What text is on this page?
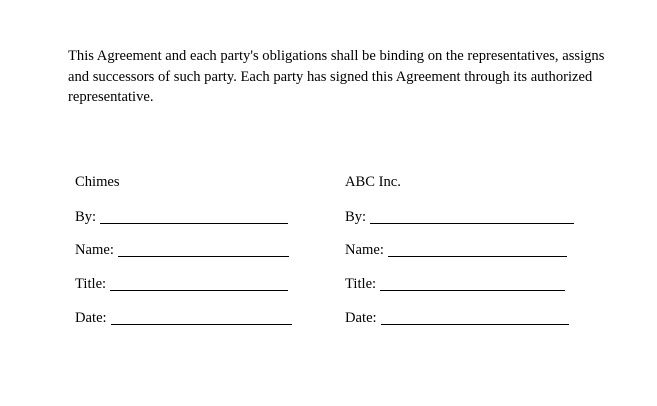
This Agreement and each party's obligations shall be binding on the representatives, assigns and successors of such party. Each party has signed this Agreement through its authorized representative.

Chimes
By:
Name:
Title:
Date:
ABC Inc.
By:
Name:
Title:
Date:
